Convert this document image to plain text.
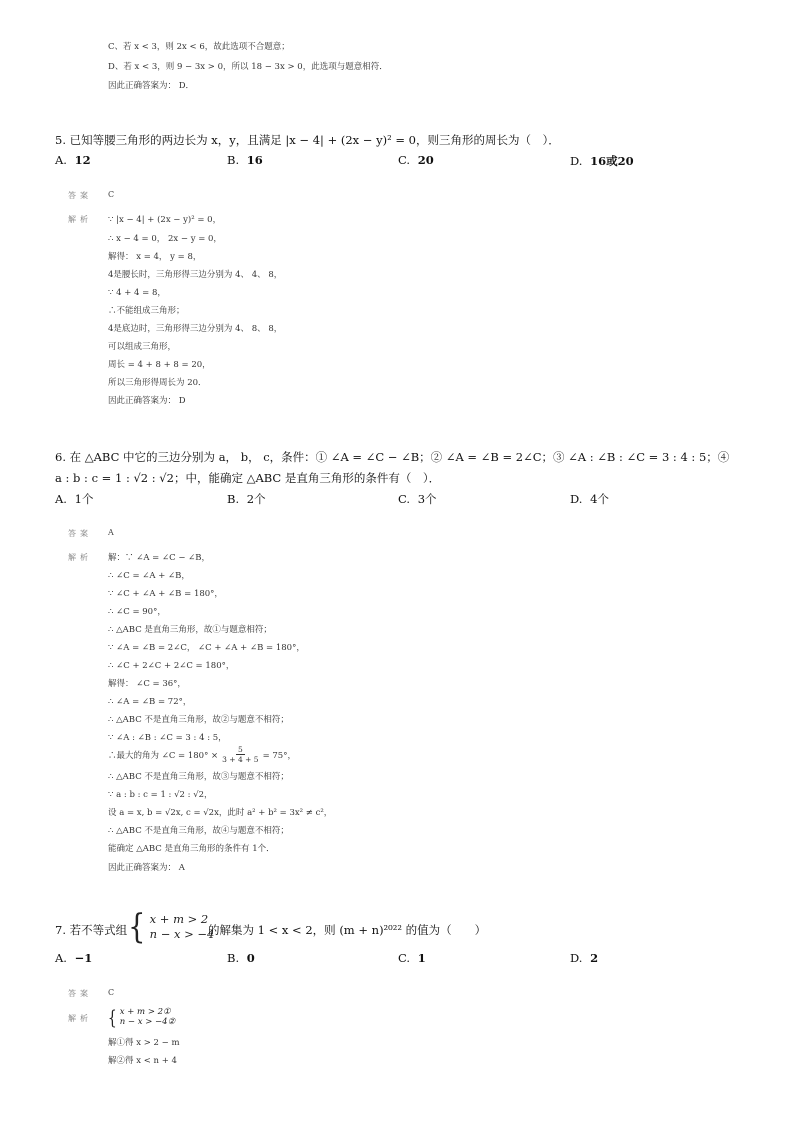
C、若 x < 3，则 2x < 6，故此选项不合题意；
D、若 x < 3，则 9 − 3x > 0，所以 18 − 3x > 0，此选项与题意相符．
因此正确答案为： D．
5. 已知等腰三角形的两边长为 x，y，且满足 |x − 4| + (2x − y)² = 0，则三角形的周长为（　）．
A. 12	B. 16	C. 20	D. 16或20
答案 C
解析 ∵ |x − 4| + (2x − y)² = 0，
∴ x − 4 = 0， 2x − y = 0，
解得： x = 4， y = 8，
4是腰长时，三角形得三边分别为 4、 4、 8，
∵ 4 + 4 = 8，
∴不能组成三角形；
4是底边时，三角形得三边分别为 4、 8、 8，
可以组成三角形，
周长 = 4 + 8 + 8 = 20，
所以三角形得周长为 20．
因此正确答案为： D
6. 在 △ABC 中它的三边分别为 a， b， c，条件：① ∠A = ∠C − ∠B；② ∠A = ∠B = 2∠C；③ ∠A : ∠B : ∠C = 3 : 4 : 5；④
a : b : c = 1 : √2 : √2；中，能确定 △ABC 是直角三角形的条件有（　）．
A. 1个	B. 2个	C. 3个	D. 4个
答案 A
解析 解：∵ ∠A = ∠C − ∠B，
∴ ∠C = ∠A + ∠B，
∵ ∠C + ∠A + ∠B = 180°，
∴ ∠C = 90°，
∴ △ABC 是直角三角形，故①与题意相符；
∵ ∠A = ∠B = 2∠C， ∠C + ∠A + ∠B = 180°，
∴ ∠C + 2∠C + 2∠C = 180°，
解得： ∠C = 36°，
∴ ∠A = ∠B = 72°，
∴ △ABC 不是直角三角形，故②与题意不相符；
∵ ∠A : ∠B : ∠C = 3 : 4 : 5，
∴最大的角为 ∠C = $180^\circ \times \frac{5}{3 + 4 + 5} = 75^\circ$，
∴ △ABC 不是直角三角形，故③与题意不相符；
∵ a : b : c = 1 : √2 : √2，
设 a = x, b = √2x, c = √2x，此时 a² + b² = 3x² ≠ c²，
∴ △ABC 不是直角三角形，故④与题意不相符；
能确定 △ABC 是直角三角形的条件有 1个．
因此正确答案为： A
7. 若不等式组 { x + m > 2
n − x > −4
的解集为 1 < x < 2，则 (m + n)²⁰²² 的值为（　　）
A. −1	B. 0	C. 1	D. 2
答案 C
解析 { x + m > 2①
n − x > −4②
解①得 x > 2 − m
解②得 x < n + 4
